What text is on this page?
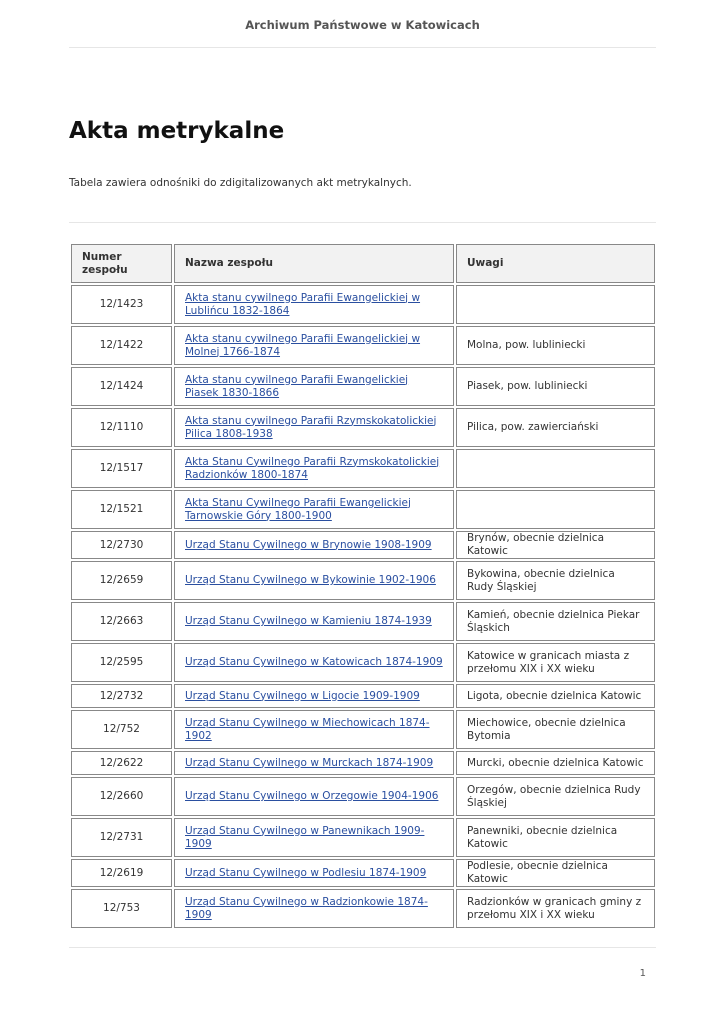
Archiwum Państwowe w Katowicach
Akta metrykalne
Tabela zawiera odnośniki do zdigitalizowanych akt metrykalnych.
Numer zespołu	Nazwa zespołu	Uwagi
12/1423	Akta stanu cywilnego Parafii Ewangelickiej w Lublińcu 1832-1864	
12/1422	Akta stanu cywilnego Parafii Ewangelickiej w Molnej 1766-1874	Molna, pow. lubliniecki
12/1424	Akta stanu cywilnego Parafii Ewangelickiej Piasek 1830-1866	Piasek, pow. lubliniecki
12/1110	Akta stanu cywilnego Parafii Rzymskokatolickiej Pilica 1808-1938	Pilica, pow. zawierciański
12/1517	Akta Stanu Cywilnego Parafii Rzymskokatolickiej Radzionków 1800-1874	
12/1521	Akta Stanu Cywilnego Parafii Ewangelickiej Tarnowskie Góry 1800-1900	
12/2730	Urząd Stanu Cywilnego w Brynowie 1908-1909	Brynów, obecnie dzielnica Katowic
12/2659	Urząd Stanu Cywilnego w Bykowinie 1902-1906	Bykowina, obecnie dzielnica Rudy Śląskiej
12/2663	Urząd Stanu Cywilnego w Kamieniu 1874-1939	Kamień, obecnie dzielnica Piekar Śląskich
12/2595	Urząd Stanu Cywilnego w Katowicach 1874-1909	Katowice w granicach miasta z przełomu XIX i XX wieku
12/2732	Urząd Stanu Cywilnego w Ligocie 1909-1909	Ligota, obecnie dzielnica Katowic
12/752	Urząd Stanu Cywilnego w Miechowicach 1874-1902	Miechowice, obecnie dzielnica Bytomia
12/2622	Urząd Stanu Cywilnego w Murckach 1874-1909	Murcki, obecnie dzielnica Katowic
12/2660	Urząd Stanu Cywilnego w Orzegowie 1904-1906	Orzegów, obecnie dzielnica Rudy Śląskiej
12/2731	Urząd Stanu Cywilnego w Panewnikach 1909-1909	Panewniki, obecnie dzielnica Katowic
12/2619	Urząd Stanu Cywilnego w Podlesiu 1874-1909	Podlesie, obecnie dzielnica Katowic
12/753	Urząd Stanu Cywilnego w Radzionkowie 1874-1909	Radzionków w granicach gminy z przełomu XIX i XX wieku
1
